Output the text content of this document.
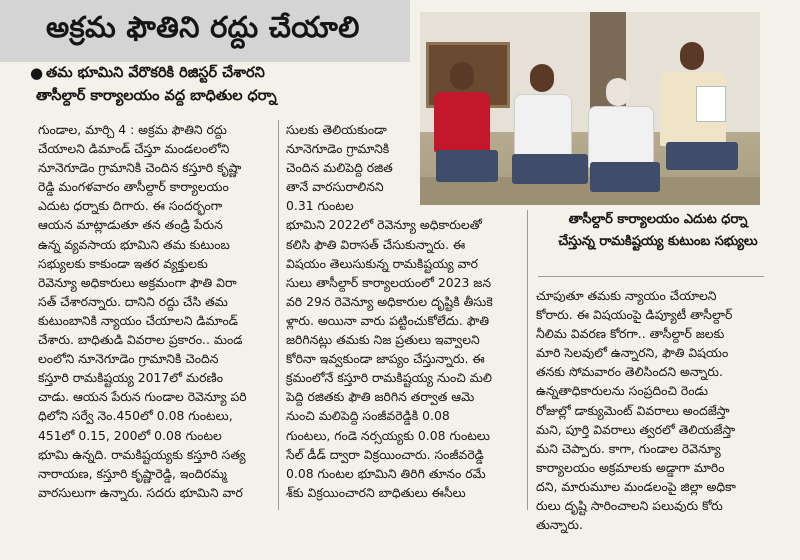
అక్రమ ఫౌతిని రద్దు చేయాలి
● తమ భూమిని వేరొకరికి రిజిస్టర్ చేశారని
తాసీల్దార్ కార్యాలయం వద్ద బాధితుల ధర్నా
తాసీల్దార్ కార్యాలయం ఎదుట ధర్నా
చేస్తున్న రామకిష్టయ్య కుటుంబ సభ్యులు
గుండాల, మార్చి 4 : అక్రమ ఫౌతిని రద్దు
చేయాలని డిమాండ్ చేస్తూ మండలంలోని
నూనెగూడెం గ్రామానికి చెందిన కస్తూరి కృష్ణా
రెడ్డి మంగళవారం తాసీల్దార్ కార్యాలయం
ఎదుట ధర్నాకు దిగారు. ఈ సందర్భంగా
ఆయన మాట్లాడుతూ తన తండ్రి పేరున
ఉన్న వ్యవసాయ భూమిని తమ కుటుంబ
సభ్యులకు కాకుండా ఇతర వ్యక్తులకు
రెవెన్యూ అధికారులు అక్రమంగా ఫౌతి విరా
సత్ చేశారన్నారు. దానిని రద్దు చేసి తమ
కుటుంబానికి న్యాయం చేయాలని డిమాండ్
చేశారు. బాధితుడి వివరాల ప్రకారం.. మండ
లంలోని నూనెగూడెం గ్రామానికి చెందిన
కస్తూరి రామకిష్టయ్య 2017లో మరణిం
చాడు. ఆయన పేరున గుండాల రెవెన్యూ పరి
ధిలోని సర్వే నెం.450లో 0.08 గుంటలు,
451లో 0.15, 200లో 0.08 గుంటల
భూమి ఉన్నది. రామకిష్టయ్యకు కస్తూరి సత్య
నారాయణ, కస్తూరి కృష్ణారెడ్డి, ఇందిరమ్మ
వారసులుగా ఉన్నారు. సదరు భూమిని వార
సులకు తెలియకుండా
నూనెగూడెం గ్రామానికి
చెందిన మలిపెద్ది రజిత
తానే వారసురాలినని
0.31 గుంటల
భూమిని 2022లో రెవెన్యూ అధికారులతో
కలిసి ఫౌతి విరాసత్ చేసుకున్నారు. ఈ
విషయం తెలుసుకున్న రామకిష్టయ్య వార
సులు తాసీల్దార్ కార్యాలయంలో 2023 జన
వరి 29న రెవెన్యూ అధికారుల దృష్టికి తీసుకె
ళ్లారు. అయినా వారు పట్టించుకోలేదు. ఫౌతి
జరిగినట్లు తమకు నిజ ప్రతులు ఇవ్వాలని
కోరినా ఇవ్వకుండా జాప్యం చేస్తున్నారు. ఈ
క్రమంలోనే కస్తూరి రామకిష్టయ్య నుంచి మలి
పెద్ది రజితకు ఫౌతి జరిగిన తర్వాత ఆమె
నుంచి మలిపెద్ది సంజీవరెడ్డికి 0.08
గుంటలు, గండె నర్సయ్యకు 0.08 గుంటలు
సేల్ డీడ్ ద్వారా విక్రయించారు. సంజీవరెడ్డి
0.08 గుంటల భూమిని తిరిగి తూనం రమే
శ్‌కు విక్రయించారని బాధితులు ఈసీలు
చూపుతూ తమకు న్యాయం చేయాలని
కోరారు. ఈ విషయంపై డిప్యూటీ తాసీల్దార్
నీలిమ వివరణ కోరగా.. తాసీల్దార్ జలకు
మారి సెలవులో ఉన్నారని, ఫౌతి విషయం
తనకు సోమవారం తెలిసిందని అన్నారు.
ఉన్నతాధికారులను సంప్రదించి రెండు
రోజుల్లో డాక్యుమెంట్ వివరాలు అందజేస్తా
మని, పూర్తి వివరాలు త్వరలో తెలియజేస్తా
మని చెప్పారు. కాగా, గుండాల రెవెన్యూ
కార్యాలయం అక్రమాలకు అడ్డాగా మారిం
దని, మారుమూల మండలంపై జిల్లా అధికా
రులు దృష్టి సారించాలని పలువురు కోరు
తున్నారు.
